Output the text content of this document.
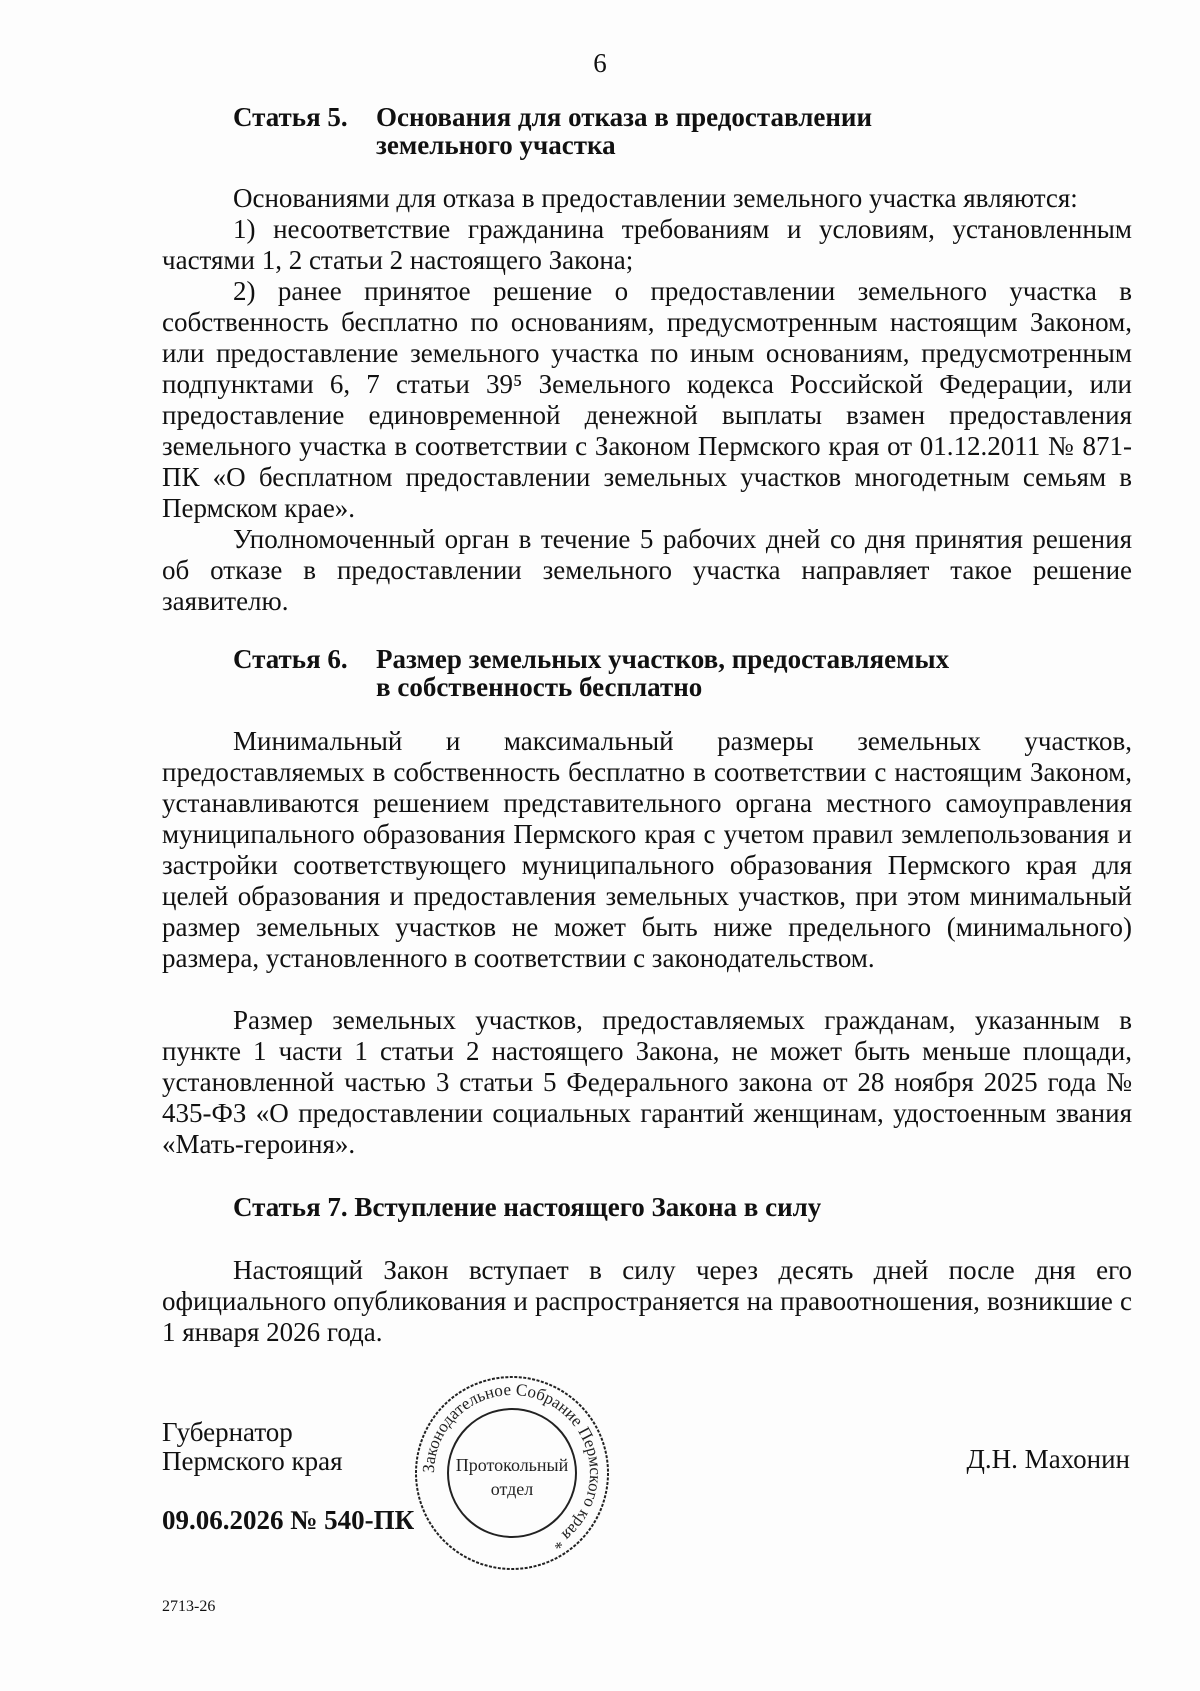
6
Статья 5. Основания для отказа в предоставлении
земельного участка

Основаниями для отказа в предоставлении земельного участка являются:

1) несоответствие гражданина требованиям и условиям, установленным частями 1, 2 статьи 2 настоящего Закона;

2) ранее принятое решение о предоставлении земельного участка в собственность бесплатно по основаниям, предусмотренным настоящим Законом, или предоставление земельного участка по иным основаниям, предусмотренным подпунктами 6, 7 статьи 39⁵ Земельного кодекса Российской Федерации, или предоставление единовременной денежной выплаты взамен предоставления земельного участка в соответствии с Законом Пермского края от 01.12.2011 № 871-ПК «О бесплатном предоставлении земельных участков многодетным семьям в Пермском крае».

Уполномоченный орган в течение 5 рабочих дней со дня принятия решения об отказе в предоставлении земельного участка направляет такое решение заявителю.

Статья 6. Размер земельных участков, предоставляемых
в собственность бесплатно

Минимальный и максимальный размеры земельных участков, предоставляемых в собственность бесплатно в соответствии с настоящим Законом, устанавливаются решением представительного органа местного самоуправления муниципального образования Пермского края с учетом правил землепользования и застройки соответствующего муниципального образования Пермского края для целей образования и предоставления земельных участков, при этом минимальный размер земельных участков не может быть ниже предельного (минимального) размера, установленного в соответствии с законодательством.

Размер земельных участков, предоставляемых гражданам, указанным в пункте 1 части 1 статьи 2 настоящего Закона, не может быть меньше площади, установленной частью 3 статьи 5 Федерального закона от 28 ноября 2025 года № 435-ФЗ «О предоставлении социальных гарантий женщинам, удостоенным звания «Мать-героиня».

Статья 7. Вступление настоящего Закона в силу

Настоящий Закон вступает в силу через десять дней после дня его официального опубликования и распространяется на правоотношения, возникшие с 1 января 2026 года.

Губернатор
Пермского края	Д.Н. Махонин
09.06.2026 № 540-ПК
2713-26
Законодательное Собрание Пермского края *
Протокольный
отдел
